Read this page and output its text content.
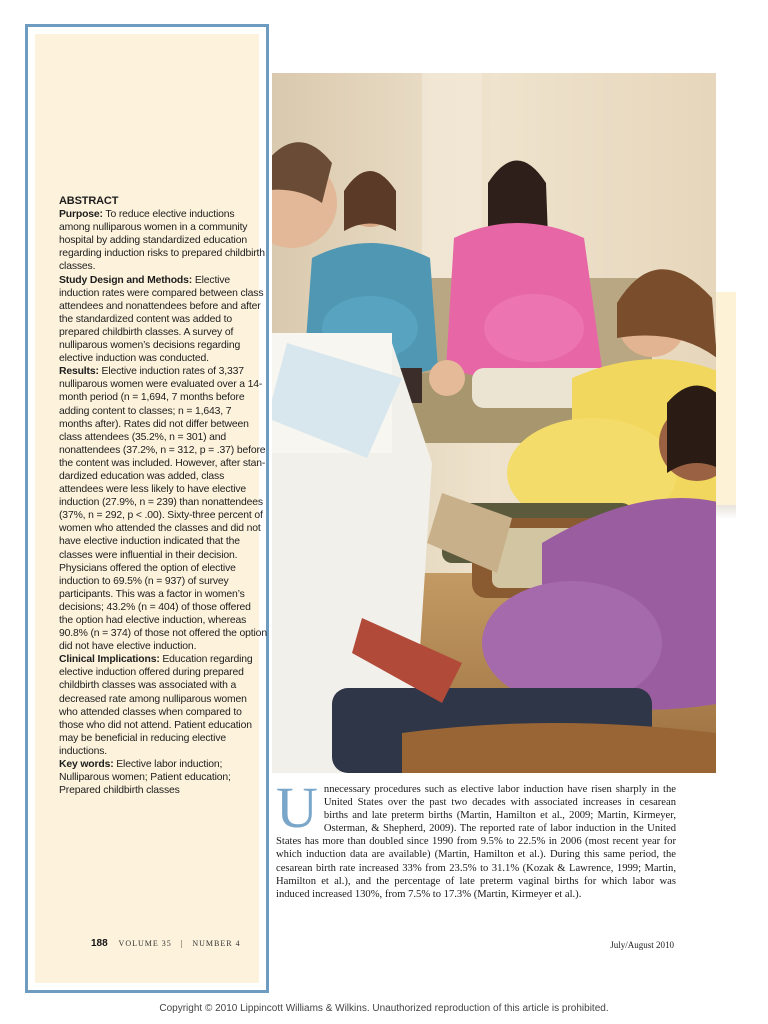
ABSTRACT

Purpose: To reduce elective inductions among nulliparous women in a community hospital by adding standardized education regarding induction risks to prepared childbirth classes.

Study Design and Methods: Elective induction rates were compared between class attendees and nonattendees before and after the standardized content was added to prepared childbirth classes. A survey of nulliparous women’s decisions regarding elective induction was conducted.

Results: Elective induction rates of 3,337 nulliparous women were evaluated over a 14-month period (n = 1,694, 7 months before adding content to classes; n = 1,643, 7 months after). Rates did not differ between class attendees (35.2%, n = 301) and nonattendees (37.2%, n = 312, p = .37) before the content was included. However, after standardized education was added, class attendees were less likely to have elective induction (27.9%, n = 239) than nonattendees (37%, n = 292, p < .00). Sixty-three percent of women who attended the classes and did not have elective induction indicated that the classes were influential in their decision. Physicians offered the option of elective induction to 69.5% (n = 937) of survey participants. This was a factor in women’s decisions; 43.2% (n = 404) of those offered the option had elective induction, whereas 90.8% (n = 374) of those not offered the option did not have elective induction.

Clinical Implications: Education regarding elective induction offered during prepared childbirth classes was associated with a decreased rate among nulliparous women who attended classes when compared to those who did not attend. Patient education may be beneficial in reducing elective inductions.

Key words: Elective labor induction; Nulliparous women; Patient education; Prepared childbirth classes

188 VOLUME 35 | NUMBER 4
U nnecessary procedures such as elective labor induction have risen sharply in the United States over the past two decades with associated increases in cesarean births and late preterm births (Martin, Hamilton et al., 2009; Martin, Kirmeyer, Osterman, & Shepherd, 2009). The reported rate of labor induction in the United States has more than doubled since 1990 from 9.5% to 22.5% in 2006 (most recent year for which induction data are available) (Martin, Hamilton et al.). During this same period, the cesarean birth rate increased 33% from 23.5% to 31.1% (Kozak & Lawrence, 1999; Martin, Hamilton et al.), and the percentage of late preterm vaginal births for which labor was induced increased 130%, from 7.5% to 17.3% (Martin, Kirmeyer et al.).
July/August 2010
Copyright © 2010 Lippincott Williams & Wilkins. Unauthorized reproduction of this article is prohibited.
